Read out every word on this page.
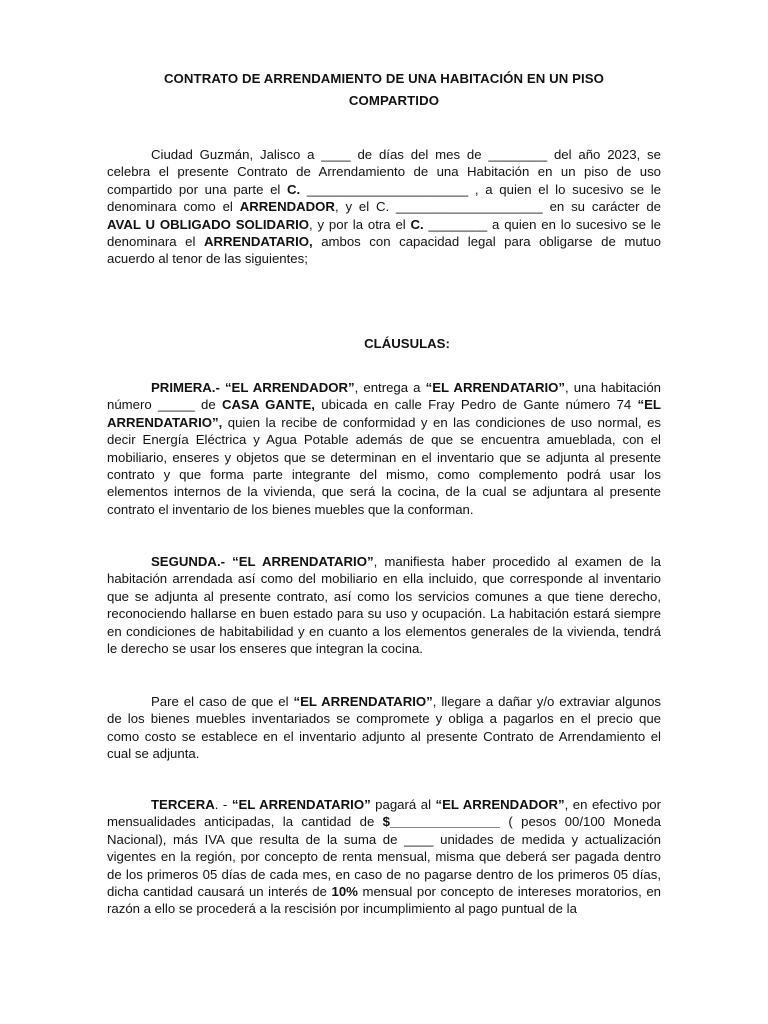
CONTRATO DE ARRENDAMIENTO DE UNA HABITACIÓN EN UN PISO
COMPARTIDO

Ciudad Guzmán, Jalisco a ____ de días del mes de ________ del año 2023, se celebra el presente Contrato de Arrendamiento de una Habitación en un piso de uso compartido por una parte el C. ______________________ , a quien el lo sucesivo se le denominara como el ARRENDADOR, y el C. ____________________ en su carácter de AVAL U OBLIGADO SOLIDARIO, y por la otra el C. ________ a quien en lo sucesivo se le denominara el ARRENDATARIO, ambos con capacidad legal para obligarse de mutuo acuerdo al tenor de las siguientes;

CLÁUSULAS:

PRIMERA.- “EL ARRENDADOR”, entrega a “EL ARRENDATARIO”, una habitación número _____ de CASA GANTE, ubicada en calle Fray Pedro de Gante número 74 “EL ARRENDATARIO”, quien la recibe de conformidad y en las condiciones de uso normal, es decir Energía Eléctrica y Agua Potable además de que se encuentra amueblada, con el mobiliario, enseres y objetos que se determinan en el inventario que se adjunta al presente contrato y que forma parte integrante del mismo, como complemento podrá usar los elementos internos de la vivienda, que será la cocina, de la cual se adjuntara al presente contrato el inventario de los bienes muebles que la conforman.

SEGUNDA.- “EL ARRENDATARIO”, manifiesta haber procedido al examen de la habitación arrendada así como del mobiliario en ella incluido, que corresponde al inventario que se adjunta al presente contrato, así como los servicios comunes a que tiene derecho, reconociendo hallarse en buen estado para su uso y ocupación. La habitación estará siempre en condiciones de habitabilidad y en cuanto a los elementos generales de la vivienda, tendrá le derecho se usar los enseres que integran la cocina.

Pare el caso de que el “EL ARRENDATARIO”, llegare a dañar y/o extraviar algunos de los bienes muebles inventariados se compromete y obliga a pagarlos en el precio que como costo se establece en el inventario adjunto al presente Contrato de Arrendamiento el cual se adjunta.

TERCERA. - “EL ARRENDATARIO” pagará al “EL ARRENDADOR”, en efectivo por mensualidades anticipadas, la cantidad de $_______________ ( pesos 00/100 Moneda Nacional), más IVA que resulta de la suma de ____ unidades de medida y actualización vigentes en la región, por concepto de renta mensual, misma que deberá ser pagada dentro de los primeros 05 días de cada mes, en caso de no pagarse dentro de los primeros 05 días, dicha cantidad causará un interés de 10% mensual por concepto de intereses moratorios, en razón a ello se procederá a la rescisión por incumplimiento al pago puntual de la
